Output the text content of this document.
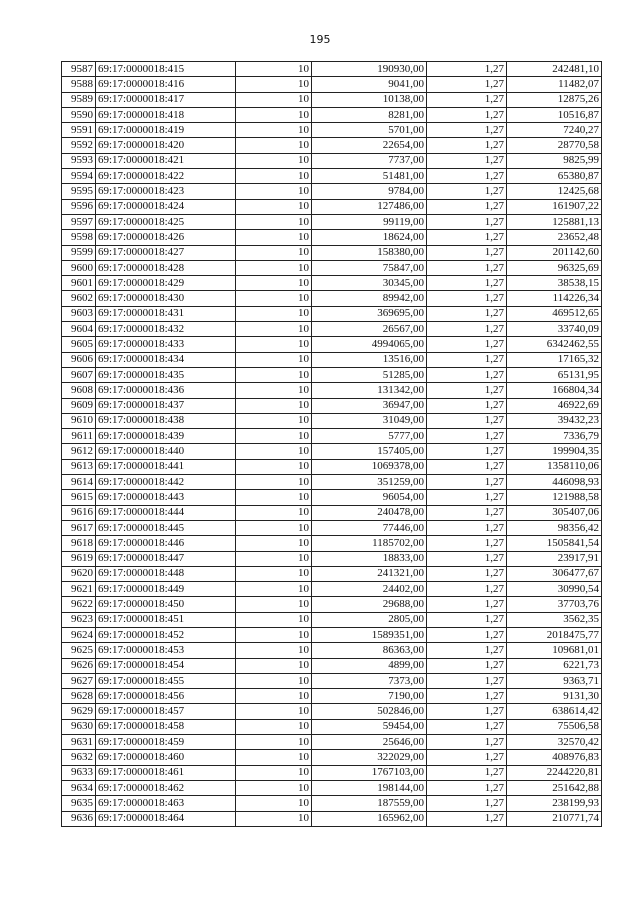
195
9587	69:17:0000018:415	10	190930,00	1,27	242481,10
9588	69:17:0000018:416	10	9041,00	1,27	11482,07
9589	69:17:0000018:417	10	10138,00	1,27	12875,26
9590	69:17:0000018:418	10	8281,00	1,27	10516,87
9591	69:17:0000018:419	10	5701,00	1,27	7240,27
9592	69:17:0000018:420	10	22654,00	1,27	28770,58
9593	69:17:0000018:421	10	7737,00	1,27	9825,99
9594	69:17:0000018:422	10	51481,00	1,27	65380,87
9595	69:17:0000018:423	10	9784,00	1,27	12425,68
9596	69:17:0000018:424	10	127486,00	1,27	161907,22
9597	69:17:0000018:425	10	99119,00	1,27	125881,13
9598	69:17:0000018:426	10	18624,00	1,27	23652,48
9599	69:17:0000018:427	10	158380,00	1,27	201142,60
9600	69:17:0000018:428	10	75847,00	1,27	96325,69
9601	69:17:0000018:429	10	30345,00	1,27	38538,15
9602	69:17:0000018:430	10	89942,00	1,27	114226,34
9603	69:17:0000018:431	10	369695,00	1,27	469512,65
9604	69:17:0000018:432	10	26567,00	1,27	33740,09
9605	69:17:0000018:433	10	4994065,00	1,27	6342462,55
9606	69:17:0000018:434	10	13516,00	1,27	17165,32
9607	69:17:0000018:435	10	51285,00	1,27	65131,95
9608	69:17:0000018:436	10	131342,00	1,27	166804,34
9609	69:17:0000018:437	10	36947,00	1,27	46922,69
9610	69:17:0000018:438	10	31049,00	1,27	39432,23
9611	69:17:0000018:439	10	5777,00	1,27	7336,79
9612	69:17:0000018:440	10	157405,00	1,27	199904,35
9613	69:17:0000018:441	10	1069378,00	1,27	1358110,06
9614	69:17:0000018:442	10	351259,00	1,27	446098,93
9615	69:17:0000018:443	10	96054,00	1,27	121988,58
9616	69:17:0000018:444	10	240478,00	1,27	305407,06
9617	69:17:0000018:445	10	77446,00	1,27	98356,42
9618	69:17:0000018:446	10	1185702,00	1,27	1505841,54
9619	69:17:0000018:447	10	18833,00	1,27	23917,91
9620	69:17:0000018:448	10	241321,00	1,27	306477,67
9621	69:17:0000018:449	10	24402,00	1,27	30990,54
9622	69:17:0000018:450	10	29688,00	1,27	37703,76
9623	69:17:0000018:451	10	2805,00	1,27	3562,35
9624	69:17:0000018:452	10	1589351,00	1,27	2018475,77
9625	69:17:0000018:453	10	86363,00	1,27	109681,01
9626	69:17:0000018:454	10	4899,00	1,27	6221,73
9627	69:17:0000018:455	10	7373,00	1,27	9363,71
9628	69:17:0000018:456	10	7190,00	1,27	9131,30
9629	69:17:0000018:457	10	502846,00	1,27	638614,42
9630	69:17:0000018:458	10	59454,00	1,27	75506,58
9631	69:17:0000018:459	10	25646,00	1,27	32570,42
9632	69:17:0000018:460	10	322029,00	1,27	408976,83
9633	69:17:0000018:461	10	1767103,00	1,27	2244220,81
9634	69:17:0000018:462	10	198144,00	1,27	251642,88
9635	69:17:0000018:463	10	187559,00	1,27	238199,93
9636	69:17:0000018:464	10	165962,00	1,27	210771,74
